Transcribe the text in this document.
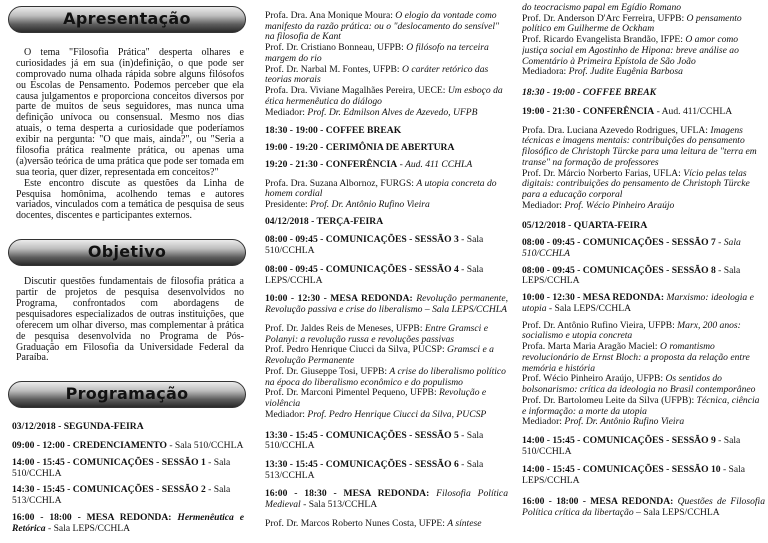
Apresentação
O tema "Filosofia Prática" desperta olhares e curiosidades já em sua (in)definição, o que pode ser comprovado numa olhada rápida sobre alguns filósofos ou Escolas de Pensamento. Podemos perceber que ela causa julgamentos e proporciona conceitos diversos por parte de muitos de seus seguidores, mas nunca uma definição unívoca ou consensual. Mesmo nos dias atuais, o tema desperta a curiosidade que poderíamos exibir na pergunta: "O que mais, ainda?", ou "Seria a filosofia prática realmente prática, ou apenas uma (a)versão teórica de uma prática que pode ser tomada em sua teoria, quer dizer, representada em conceitos?"
Este encontro discute as questões da Linha de Pesquisa homônima, acolhendo temas e autores variados, vinculados com a temática de pesquisa de seus docentes, discentes e participantes externos.
Objetivo
Discutir questões fundamentais de filosofia prática a partir de projetos de pesquisa desenvolvidos no Programa, confrontados com abordagens de pesquisadores especializados de outras instituições, que oferecem um olhar diverso, mas complementar à prática de pesquisa desenvolvida no Programa de Pós-Graduação em Filosofia da Universidade Federal da Paraíba.
Programação
03/12/2018 - SEGUNDA-FEIRA
09:00 - 12:00 - CREDENCIAMENTO - Sala 510/CCHLA
14:00 - 15:45 - COMUNICAÇÕES - SESSÃO 1 - Sala 510/CCHLA
14:30 - 15:45 - COMUNICAÇÕES - SESSÃO 2 - Sala 513/CCHLA
16:00 - 18:00 - MESA REDONDA: Hermenêutica e Retórica - Sala LEPS/CCHLA
Profa. Dra. Ana Monique Moura: O elogio da vontade como manifesto da razão prática: ou o "deslocamento do sensível" na filosofia de Kant
Prof. Dr. Cristiano Bonneau, UFPB: O filósofo na terceira margem do rio
Prof. Dr. Narbal M. Fontes, UFPB: O caráter retórico das teorias morais
Profa. Dra. Viviane Magalhães Pereira, UECE: Um esboço da ética hermenêutica do diálogo
Mediador: Prof. Dr. Edmilson Alves de Azevedo, UFPB
18:30 - 19:00 - COFFEE BREAK
19:00 - 19:20 - CERIMÔNIA DE ABERTURA
19:20 - 21:30 - CONFERÊNCIA - Aud. 411 CCHLA
Profa. Dra. Suzana Albornoz, FURGS: A utopia concreta do homem cordial
Presidente: Prof. Dr. Antônio Rufino Vieira
04/12/2018 - TERÇA-FEIRA
08:00 - 09:45 - COMUNICAÇÕES - SESSÃO 3 - Sala 510/CCHLA
08:00 - 09:45 - COMUNICAÇÕES - SESSÃO 4 - Sala LEPS/CCHLA
10:00 - 12:30 - MESA REDONDA: Revolução permanente, Revolução passiva e crise do liberalismo – Sala LEPS/CCHLA
Prof. Dr. Jaldes Reis de Meneses, UFPB: Entre Gramsci e Polanyi: a revolução russa e revoluções passivas
Prof. Pedro Henrique Ciucci da Silva, PUCSP: Gramsci e a Revolução Permanente
Prof. Dr. Giuseppe Tosi, UFPB: A crise do liberalismo político na época do liberalismo econômico e do populismo
Prof. Dr. Marconi Pimentel Pequeno, UFPB: Revolução e violência
Mediador: Prof. Pedro Henrique Ciucci da Silva, PUCSP
13:30 - 15:45 - COMUNICAÇÕES - SESSÃO 5 - Sala 510/CCHLA
13:30 - 15:45 - COMUNICAÇÕES - SESSÃO 6 - Sala 513/CCHLA
16:00 - 18:30 - MESA REDONDA: Filosofia Política Medieval - Sala 513/CCHLA
Prof. Dr. Marcos Roberto Nunes Costa, UFPE: A síntese
do teocracismo papal em Egídio Romano
Prof. Dr. Anderson D'Arc Ferreira, UFPB: O pensamento político em Guilherme de Ockham
Prof. Ricardo Evangelista Brandão, IFPE: O amor como justiça social em Agostinho de Hipona: breve análise ao Comentário à Primeira Epístola de São João
Mediadora: Prof. Judite Eugênia Barbosa
18:30 - 19:00 - COFFEE BREAK
19:00 - 21:30 - CONFERÊNCIA - Aud. 411/CCHLA
Profa. Dra. Luciana Azevedo Rodrigues, UFLA: Imagens técnicas e imagens mentais: contribuições do pensamento filosófico de Christoph Türcke para uma leitura de "terra em transe" na formação de professores
Prof. Dr. Márcio Norberto Farias, UFLA: Vício pelas telas digitais: contribuições do pensamento de Christoph Türcke para a educação corporal
Mediador: Prof. Wécio Pinheiro Araújo
05/12/2018 - QUARTA-FEIRA
08:00 - 09:45 - COMUNICAÇÕES - SESSÃO 7 - Sala 510/CCHLA
08:00 - 09:45 - COMUNICAÇÕES - SESSÃO 8 - Sala LEPS/CCHLA
10:00 - 12:30 - MESA REDONDA: Marxismo: ideologia e utopia - Sala LEPS/CCHLA
Prof. Dr. Antônio Rufino Vieira, UFPB: Marx, 200 anos: socialismo e utopia concreta
Profa. Marta Maria Aragão Maciel: O romantismo revolucionário de Ernst Bloch: a proposta da relação entre memória e história
Prof. Wécio Pinheiro Araújo, UFPB: Os sentidos do bolsonarismo: crítica da ideologia no Brasil contemporâneo
Prof. Dr. Bartolomeu Leite da Silva (UFPB): Técnica, ciência e informação: a morte da utopia
Mediador: Prof. Dr. Antônio Rufino Vieira
14:00 - 15:45 - COMUNICAÇÕES - SESSÃO 9 - Sala 510/CCHLA
14:00 - 15:45 - COMUNICAÇÕES - SESSÃO 10 - Sala LEPS/CCHLA
16:00 - 18:00 - MESA REDONDA: Questões de Filosofia Política crítica da libertação – Sala LEPS/CCHLA
